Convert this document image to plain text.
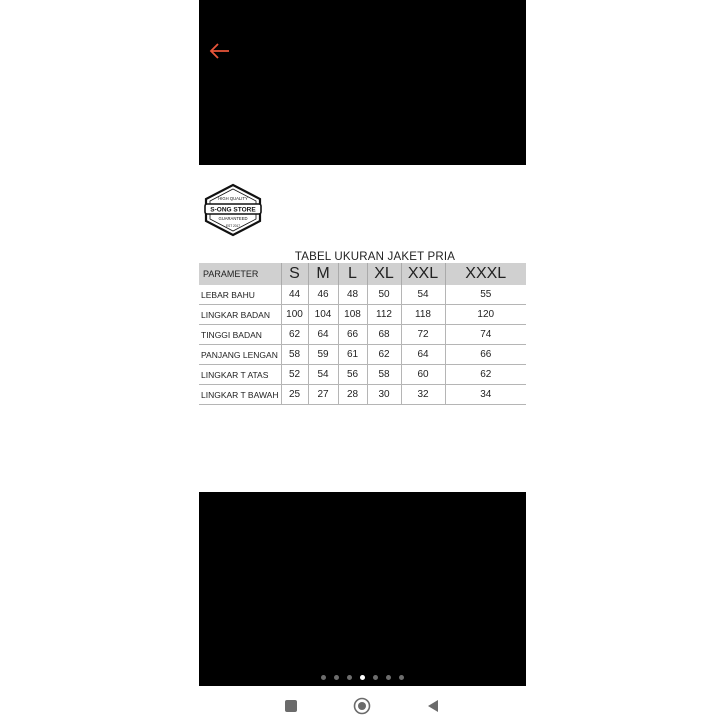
HIGH QUALITY
S-ONG STORE
GUARANTEED
EST 2017
TABEL UKURAN JAKET PRIA
PARAMETER	S	M	L	XL	XXL	XXXL
LEBAR BAHU	44	46	48	50	54	55
LINGKAR BADAN	100	104	108	112	118	120
TINGGI BADAN	62	64	66	68	72	74
PANJANG LENGAN	58	59	61	62	64	66
LINGKAR T ATAS	52	54	56	58	60	62
LINGKAR T BAWAH	25	27	28	30	32	34
